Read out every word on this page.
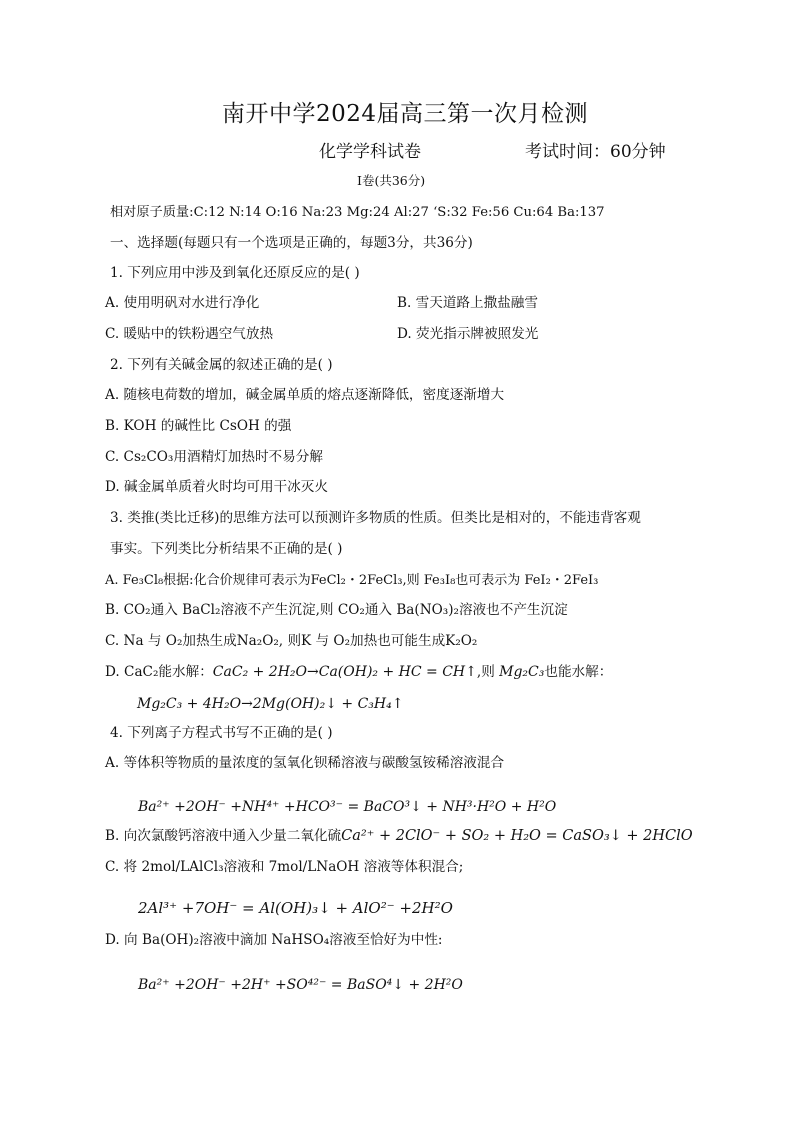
南开中学2024届高三第一次月检测
化学学科试卷	考试时间：60分钟
Ⅰ卷(共36分)
相对原子质量:C:12 N:14 O:16 Na:23 Mg:24 Al:27 ‘S:32 Fe:56 Cu:64 Ba:137
一、选择题(每题只有一个选项是正确的，每题3分，共36分)
1. 下列应用中涉及到氧化还原反应的是( )
A. 使用明矾对水进行净化	B. 雪天道路上撒盐融雪
C. 暖贴中的铁粉遇空气放热	D. 荧光指示牌被照发光
2. 下列有关碱金属的叙述正确的是( )
A. 随核电荷数的增加，碱金属单质的熔点逐渐降低，密度逐渐增大
B. KOH 的碱性比 CsOH 的强
C. Cs₂CO₃用酒精灯加热时不易分解
D. 碱金属单质着火时均可用干冰灭火
3. 类推(类比迁移)的思维方法可以预测许多物质的性质。但类比是相对的，不能违背客观
事实。下列类比分析结果不正确的是( )
A. Fe₃Cl₈根据:化合价规律可表示为FeCl₂・2FeCl₃,则 Fe₃I₈也可表示为 FeI₂・2FeI₃
B. CO₂通入 BaCl₂溶液不产生沉淀,则 CO₂通入 Ba(NO₃)₂溶液也不产生沉淀
C. Na 与 O₂加热生成Na₂O₂, 则K 与 O₂加热也可能生成K₂O₂
D. CaC₂能水解：CaC₂ + 2H₂O→Ca(OH)₂ + HC = CH↑,则 Mg₂C₃也能水解：
Mg₂C₃ + 4H₂O→2Mg(OH)₂↓ + C₃H₄↑
4. 下列离子方程式书写不正确的是( )
A. 等体积等物质的量浓度的氢氧化钡稀溶液与碳酸氢铵稀溶液混合
Ba²⁺ +2OH⁻ +NH⁴⁺ +HCO³⁻ = BaCO³↓ + NH³·H²O + H²O
B. 向次氯酸钙溶液中通入少量二氧化硫Ca²⁺ + 2ClO⁻ + SO₂ + H₂O = CaSO₃↓ + 2HClO
C. 将 2mol/LAlCl₃溶液和 7mol/LNaOH 溶液等体积混合;
2Al³⁺ +7OH⁻ = Al(OH)₃↓ + AlO²⁻ +2H²O
D. 向 Ba(OH)₂溶液中滴加 NaHSO₄溶液至恰好为中性:
Ba²⁺ +2OH⁻ +2H⁺ +SO⁴²⁻ = BaSO⁴↓ + 2H²O
